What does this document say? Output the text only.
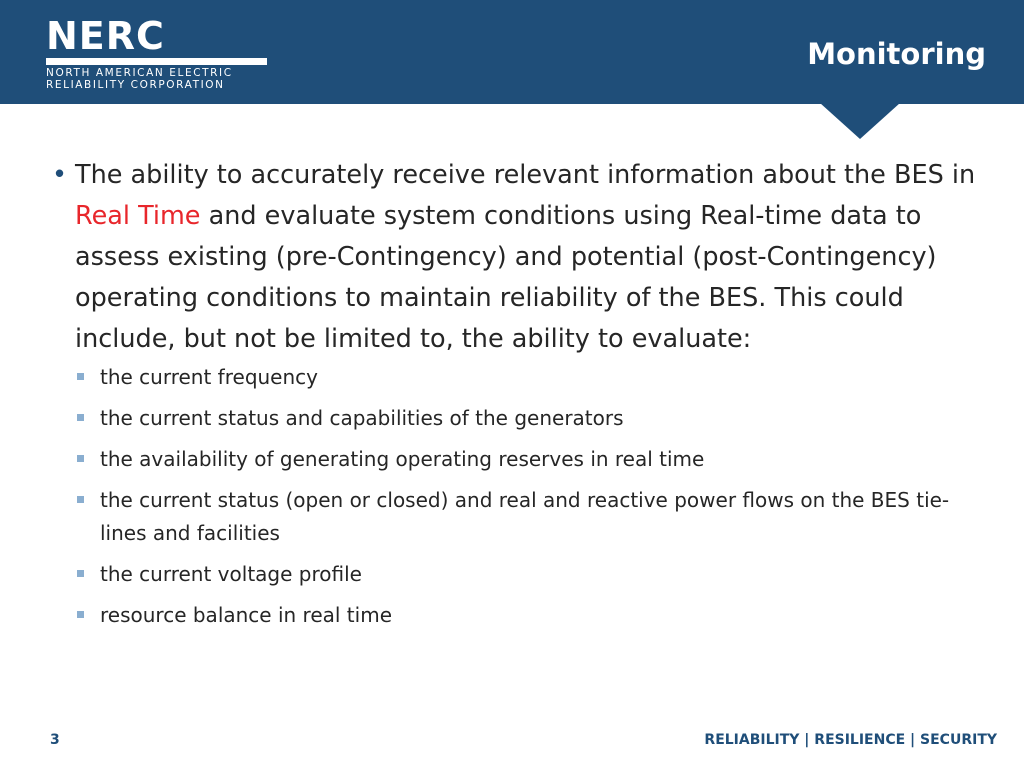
NERC
NORTH AMERICAN ELECTRIC
RELIABILITY CORPORATION
Monitoring
• The ability to accurately receive relevant information about the BES in Real Time and evaluate system conditions using Real-time data to assess existing (pre-Contingency) and potential (post-Contingency) operating conditions to maintain reliability of the BES. This could include, but not be limited to, the ability to evaluate:
the current frequency
the current status and capabilities of the generators
the availability of generating operating reserves in real time
the current status (open or closed) and real and reactive power flows on the BES tie-lines and facilities
the current voltage profile
resource balance in real time
3	RELIABILITY | RESILIENCE | SECURITY
